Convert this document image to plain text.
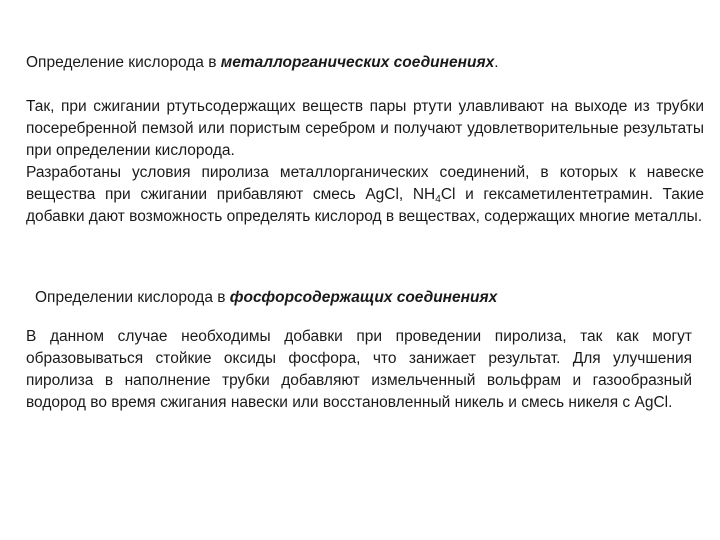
Определение кислорода в металлорганических соединениях.

Так, при сжигании ртутьсодержащих веществ пары ртути улавливают на выходе из трубки посеребренной пемзой или пористым серебром и получают удовлетворительные результаты при определении кислорода.

Разработаны условия пиролиза металлорганических соединений, в которых к навеске вещества при сжигании прибавляют смесь AgCl, $NH_4Cl$ и гексаметилентетрамин. Такие добавки дают возможность определять кислород в веществах, содержащих многие металлы.

Определении кислорода в фосфорсодержащих соединениях

В данном случае необходимы добавки при проведении пиролиза, так как могут образовываться стойкие оксиды фосфора, что занижает результат. Для улучшения пиролиза в наполнение трубки добавляют измельченный вольфрам и газообразный водород во время сжигания навески или восстановленный никель и смесь никеля с AgCl.
